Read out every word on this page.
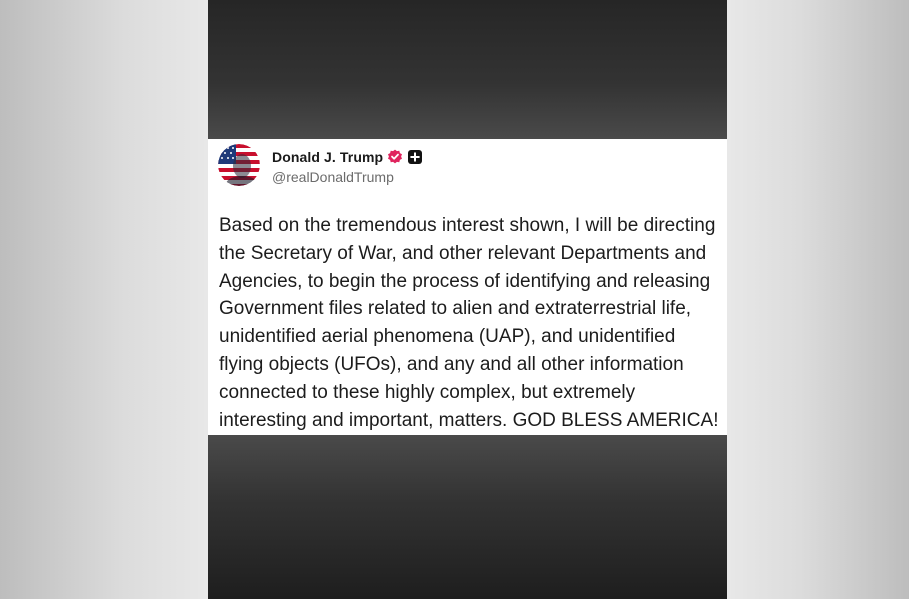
Donald J. Trump
@realDonaldTrump

Based on the tremendous interest shown, I will be directing the Secretary of War, and other relevant Departments and Agencies, to begin the process of identifying and releasing Government files related to alien and extraterrestrial life, unidentified aerial phenomena (UAP), and unidentified flying objects (UFOs), and any and all other information connected to these highly complex, but extremely interesting and important, matters. GOD BLESS AMERICA!
